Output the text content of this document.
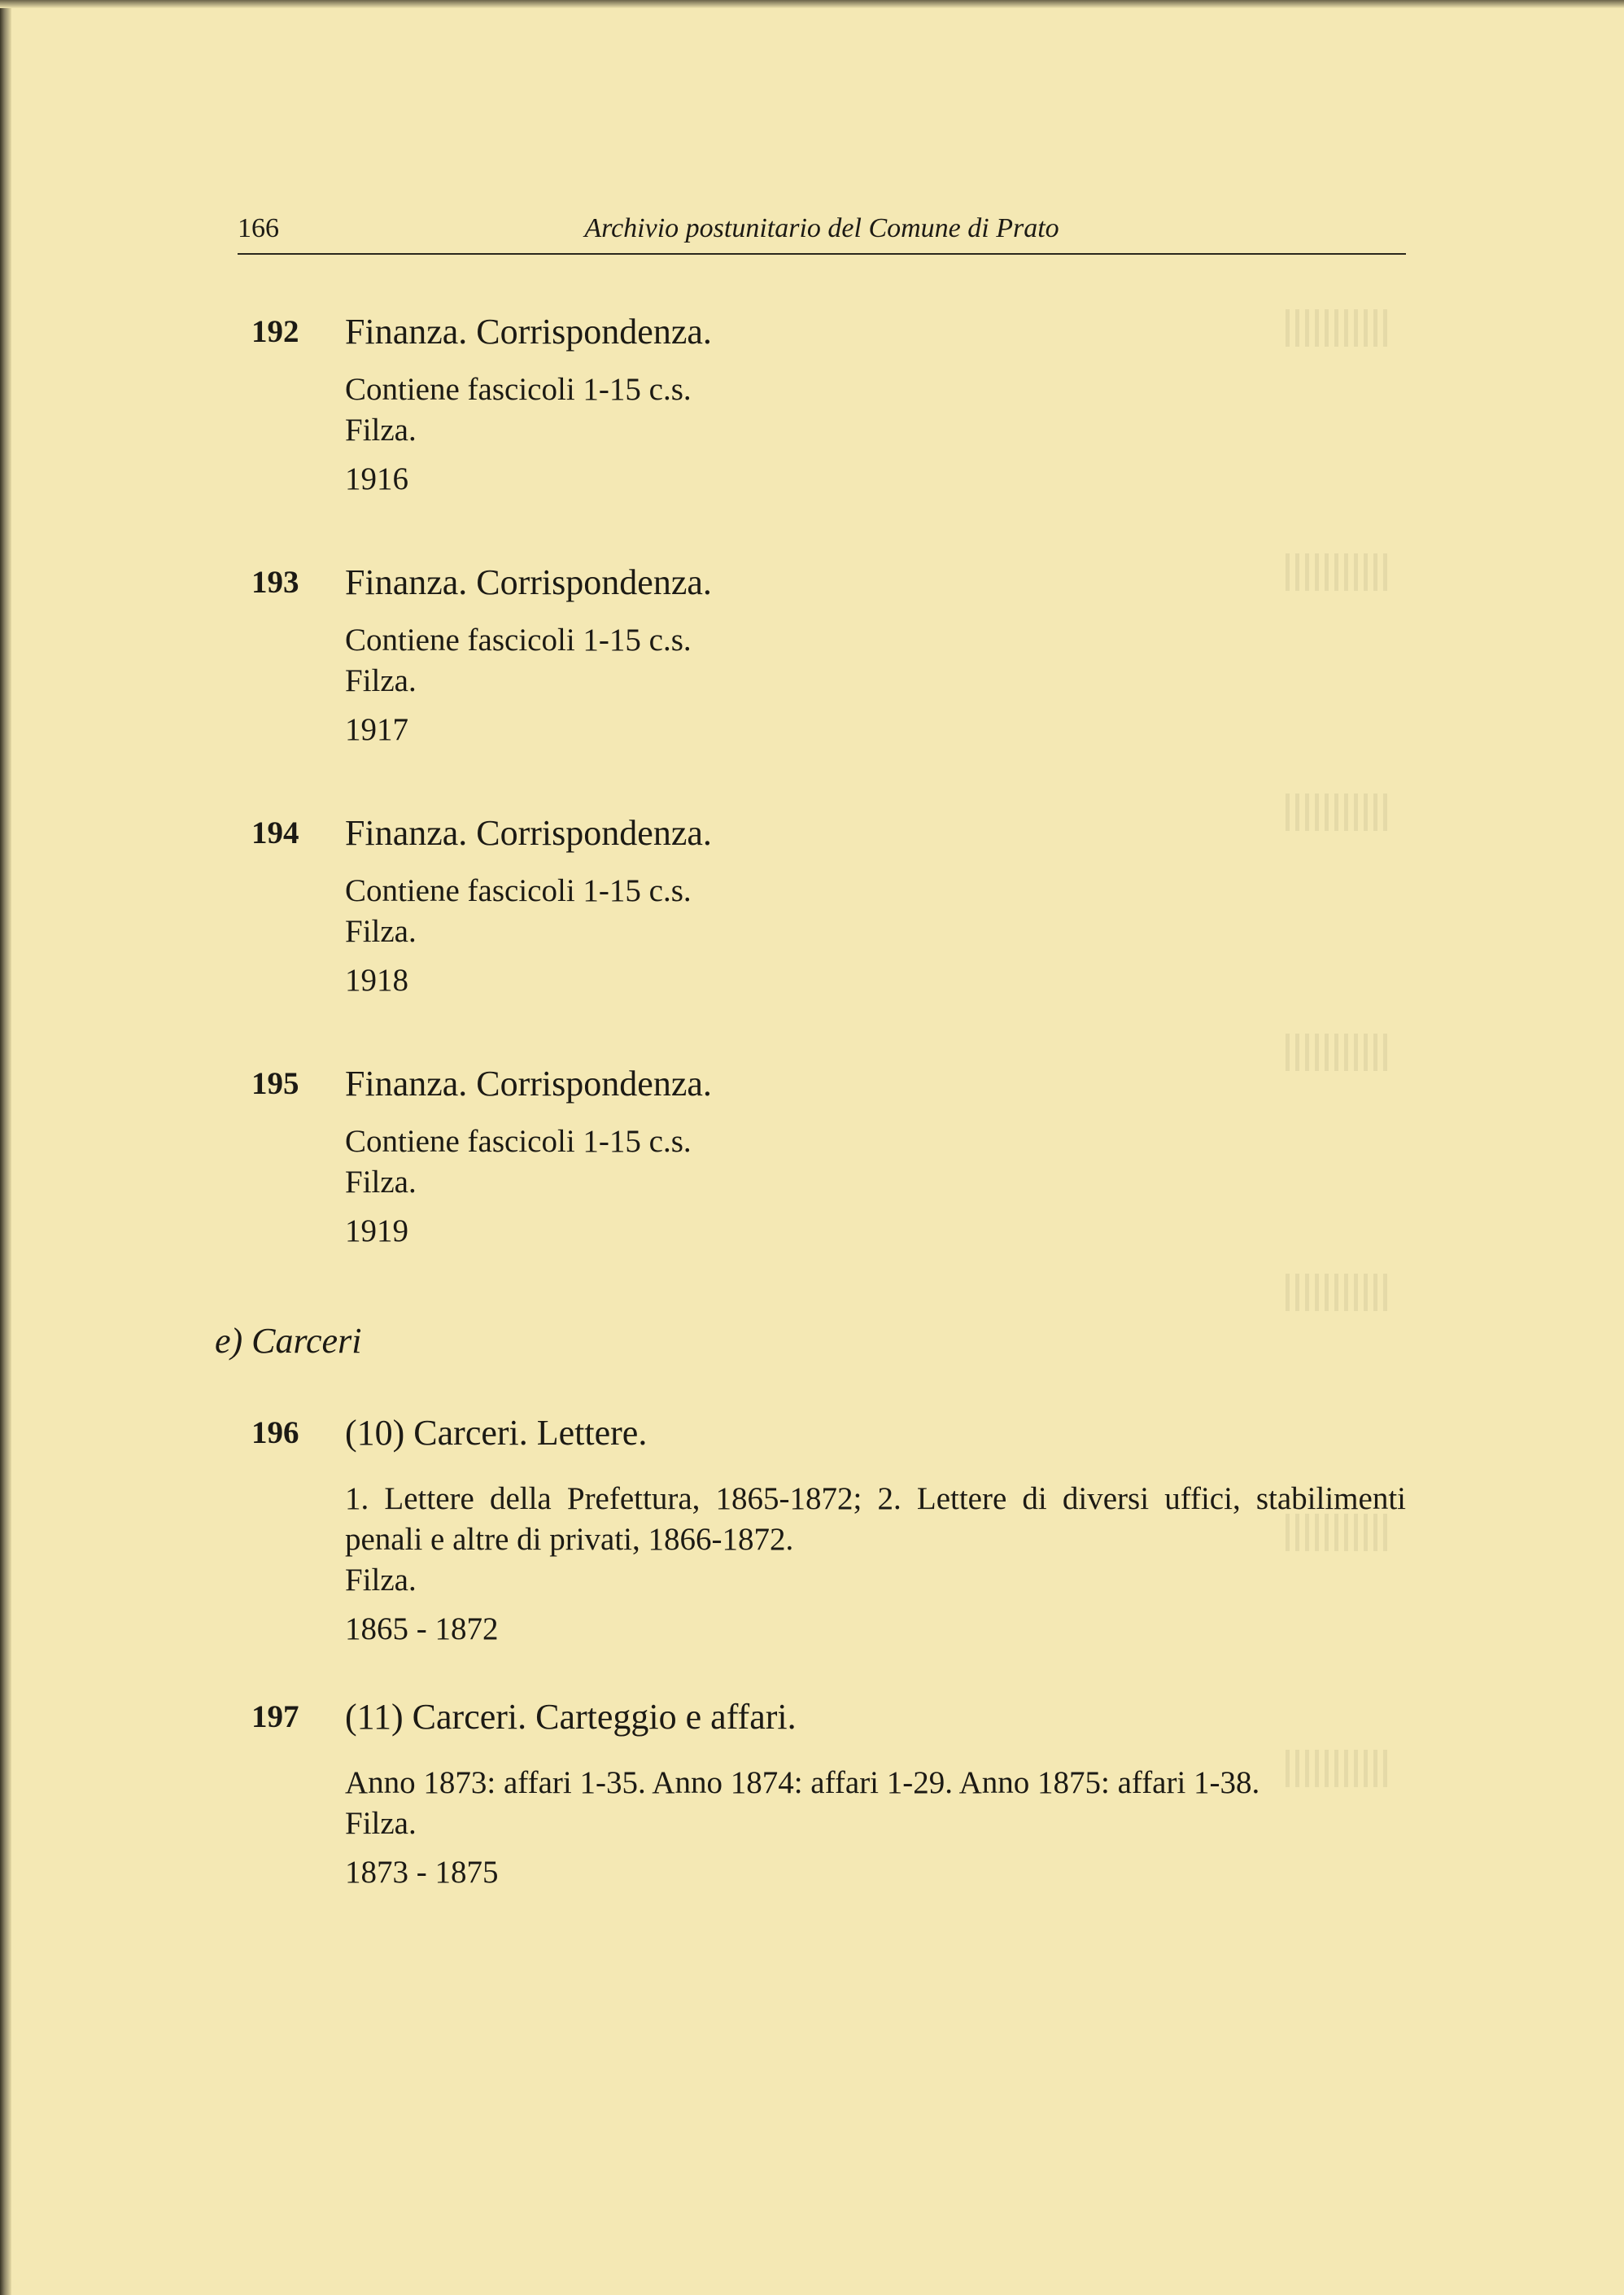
166	Archivio postunitario del Comune di Prato
192 Finanza. Corrispondenza.

Contiene fascicoli 1-15 c.s.

Filza.

1916

193 Finanza. Corrispondenza.

Contiene fascicoli 1-15 c.s.

Filza.

1917

194 Finanza. Corrispondenza.

Contiene fascicoli 1-15 c.s.

Filza.

1918

195 Finanza. Corrispondenza.

Contiene fascicoli 1-15 c.s.

Filza.

1919

e) Carceri
196 (10) Carceri. Lettere.

1. Lettere della Prefettura, 1865-1872; 2. Lettere di diversi uffici, stabilimenti penali e altre di privati, 1866-1872.

Filza.

1865 - 1872

197 (11) Carceri. Carteggio e affari.

Anno 1873: affari 1-35. Anno 1874: affari 1-29. Anno 1875: affari 1-38.

Filza.

1873 - 1875
